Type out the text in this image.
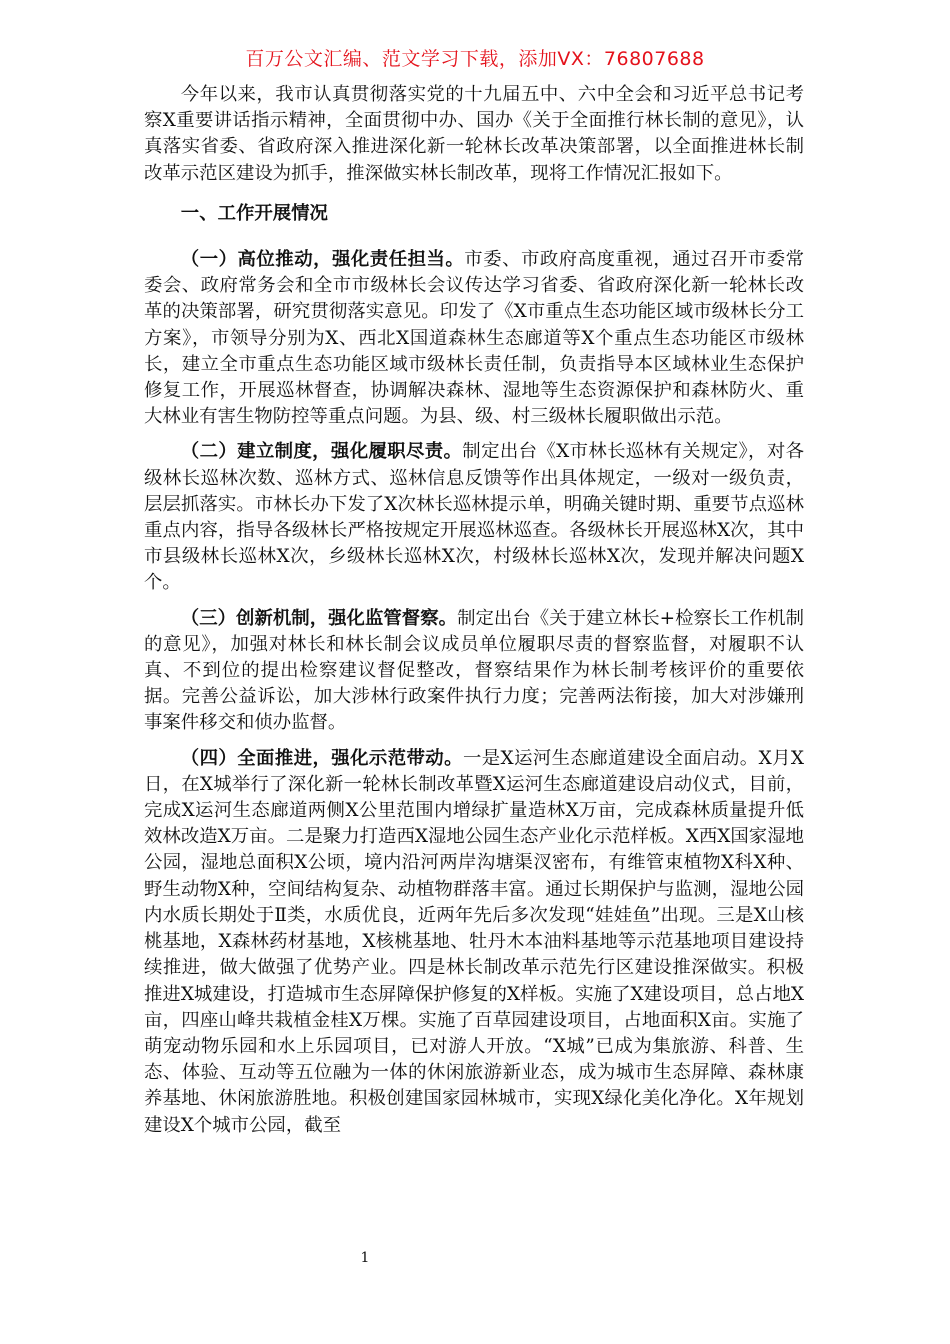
百万公文汇编、范文学习下载，添加VX：76807688

今年以来，我市认真贯彻落实党的十九届五中、六中全会和习近平总书记考察X重要讲话指示精神，全面贯彻中办、国办《关于全面推行林长制的意见》，认真落实省委、省政府深入推进深化新一轮林长改革决策部署，以全面推进林长制改革示范区建设为抓手，推深做实林长制改革，现将工作情况汇报如下。

一、工作开展情况

（一）高位推动，强化责任担当。市委、市政府高度重视，通过召开市委常委会、政府常务会和全市市级林长会议传达学习省委、省政府深化新一轮林长改革的决策部署，研究贯彻落实意见。印发了《X市重点生态功能区域市级林长分工方案》，市领导分别为X、西北X国道森林生态廊道等X个重点生态功能区市级林长，建立全市重点生态功能区域市级林长责任制，负责指导本区域林业生态保护修复工作，开展巡林督查，协调解决森林、湿地等生态资源保护和森林防火、重大林业有害生物防控等重点问题。为县、级、村三级林长履职做出示范。

（二）建立制度，强化履职尽责。制定出台《X市林长巡林有关规定》，对各级林长巡林次数、巡林方式、巡林信息反馈等作出具体规定，一级对一级负责，层层抓落实。市林长办下发了X次林长巡林提示单，明确关键时期、重要节点巡林重点内容，指导各级林长严格按规定开展巡林巡查。各级林长开展巡林X次，其中市县级林长巡林X次，乡级林长巡林X次，村级林长巡林X次，发现并解决问题X个。

（三）创新机制，强化监管督察。制定出台《关于建立林长+检察长工作机制的意见》，加强对林长和林长制会议成员单位履职尽责的督察监督，对履职不认真、不到位的提出检察建议督促整改，督察结果作为林长制考核评价的重要依据。完善公益诉讼，加大涉林行政案件执行力度；完善两法衔接，加大对涉嫌刑事案件移交和侦办监督。

（四）全面推进，强化示范带动。一是X运河生态廊道建设全面启动。X月X日，在X城举行了深化新一轮林长制改革暨X运河生态廊道建设启动仪式，目前，完成X运河生态廊道两侧X公里范围内增绿扩量造林X万亩，完成森林质量提升低效林改造X万亩。二是聚力打造西X湿地公园生态产业化示范样板。X西X国家湿地公园，湿地总面积X公顷，境内沿河两岸沟塘渠汊密布，有维管束植物X科X种、野生动物X种，空间结构复杂、动植物群落丰富。通过长期保护与监测，湿地公园内水质长期处于Ⅱ类，水质优良，近两年先后多次发现“娃娃鱼”出现。三是X山核桃基地，X森林药材基地，X核桃基地、牡丹木本油料基地等示范基地项目建设持续推进，做大做强了优势产业。四是林长制改革示范先行区建设推深做实。积极推进X城建设，打造城市生态屏障保护修复的X样板。实施了X建设项目，总占地X亩，四座山峰共栽植金桂X万棵。实施了百草园建设项目，占地面积X亩。实施了萌宠动物乐园和水上乐园项目，已对游人开放。“X城”已成为集旅游、科普、生态、体验、互动等五位融为一体的休闲旅游新业态，成为城市生态屏障、森林康养基地、休闲旅游胜地。积极创建国家园林城市，实现X绿化美化净化。X年规划建设X个城市公园，截至

1
